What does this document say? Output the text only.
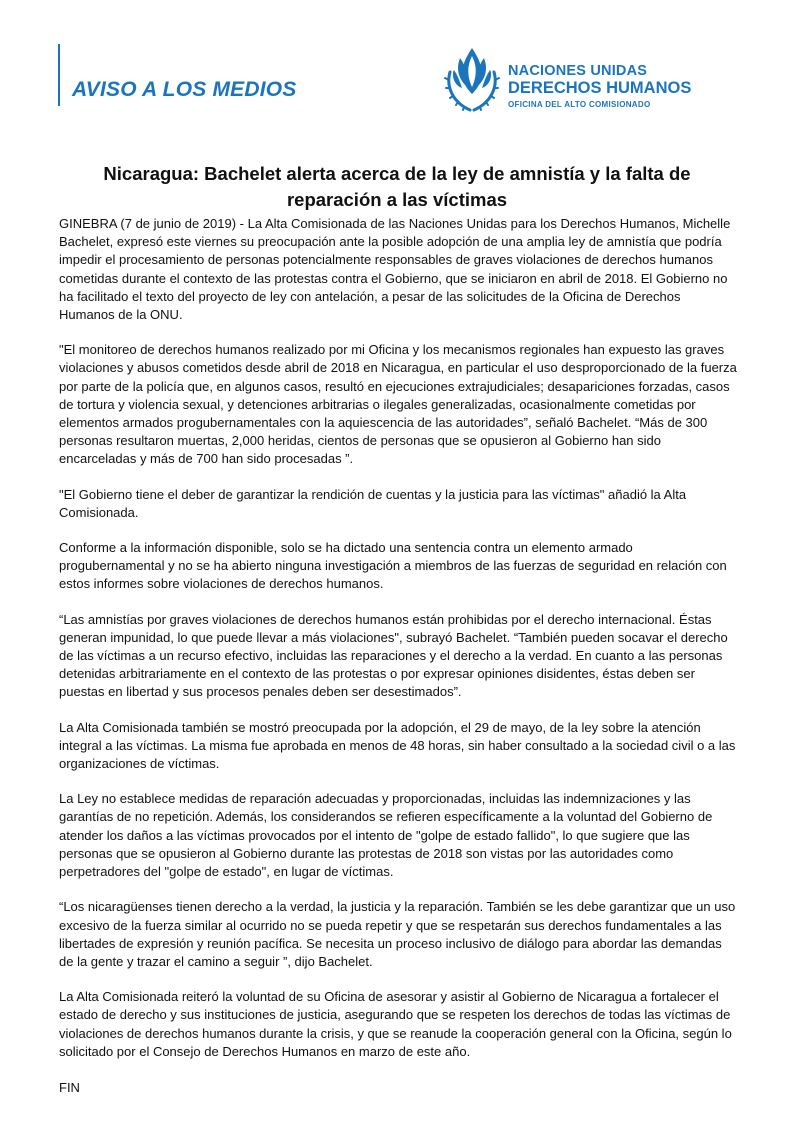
AVISO A LOS MEDIOS
NACIONES UNIDAS
DERECHOS HUMANOS
OFICINA DEL ALTO COMISIONADO
Nicaragua: Bachelet alerta acerca de la ley de amnistía y la falta de reparación a las víctimas

GINEBRA (7 de junio de 2019) - La Alta Comisionada de las Naciones Unidas para los Derechos Humanos, Michelle Bachelet, expresó este viernes su preocupación ante la posible adopción de una amplia ley de amnistía que podría impedir el procesamiento de personas potencialmente responsables de graves violaciones de derechos humanos cometidas durante el contexto de las protestas contra el Gobierno, que se iniciaron en abril de 2018. El Gobierno no ha facilitado el texto del proyecto de ley con antelación, a pesar de las solicitudes de la Oficina de Derechos Humanos de la ONU.

"El monitoreo de derechos humanos realizado por mi Oficina y los mecanismos regionales han expuesto las graves violaciones y abusos cometidos desde abril de 2018 en Nicaragua, en particular el uso desproporcionado de la fuerza por parte de la policía que, en algunos casos, resultó en ejecuciones extrajudiciales; desapariciones forzadas, casos de tortura y violencia sexual, y detenciones arbitrarias o ilegales generalizadas, ocasionalmente cometidas por elementos armados progubernamentales con la aquiescencia de las autoridades”, señaló Bachelet. “Más de 300 personas resultaron muertas, 2,000 heridas, cientos de personas que se opusieron al Gobierno han sido encarceladas y más de 700 han sido procesadas ”.

"El Gobierno tiene el deber de garantizar la rendición de cuentas y la justicia para las víctimas" añadió la Alta Comisionada.

Conforme a la información disponible, solo se ha dictado una sentencia contra un elemento armado progubernamental y no se ha abierto ninguna investigación a miembros de las fuerzas de seguridad en relación con estos informes sobre violaciones de derechos humanos.

“Las amnistías por graves violaciones de derechos humanos están prohibidas por el derecho internacional. Éstas generan impunidad, lo que puede llevar a más violaciones", subrayó Bachelet. “También pueden socavar el derecho de las víctimas a un recurso efectivo, incluidas las reparaciones y el derecho a la verdad. En cuanto a las personas detenidas arbitrariamente en el contexto de las protestas o por expresar opiniones disidentes, éstas deben ser puestas en libertad y sus procesos penales deben ser desestimados”.

La Alta Comisionada también se mostró preocupada por la adopción, el 29 de mayo, de la ley sobre la atención integral a las víctimas. La misma fue aprobada en menos de 48 horas, sin haber consultado a la sociedad civil o a las organizaciones de víctimas.

La Ley no establece medidas de reparación adecuadas y proporcionadas, incluidas las indemnizaciones y las garantías de no repetición. Además, los considerandos se refieren específicamente a la voluntad del Gobierno de atender los daños a las víctimas provocados por el intento de "golpe de estado fallido", lo que sugiere que las personas que se opusieron al Gobierno durante las protestas de 2018 son vistas por las autoridades como perpetradores del "golpe de estado", en lugar de víctimas.

“Los nicaragüenses tienen derecho a la verdad, la justicia y la reparación. También se les debe garantizar que un uso excesivo de la fuerza similar al ocurrido no se pueda repetir y que se respetarán sus derechos fundamentales a las libertades de expresión y reunión pacífica. Se necesita un proceso inclusivo de diálogo para abordar las demandas de la gente y trazar el camino a seguir ”, dijo Bachelet.

La Alta Comisionada reiteró la voluntad de su Oficina de asesorar y asistir al Gobierno de Nicaragua a fortalecer el estado de derecho y sus instituciones de justicia, asegurando que se respeten los derechos de todas las víctimas de violaciones de derechos humanos durante la crisis, y que se reanude la cooperación general con la Oficina, según lo solicitado por el Consejo de Derechos Humanos en marzo de este año.

FIN
